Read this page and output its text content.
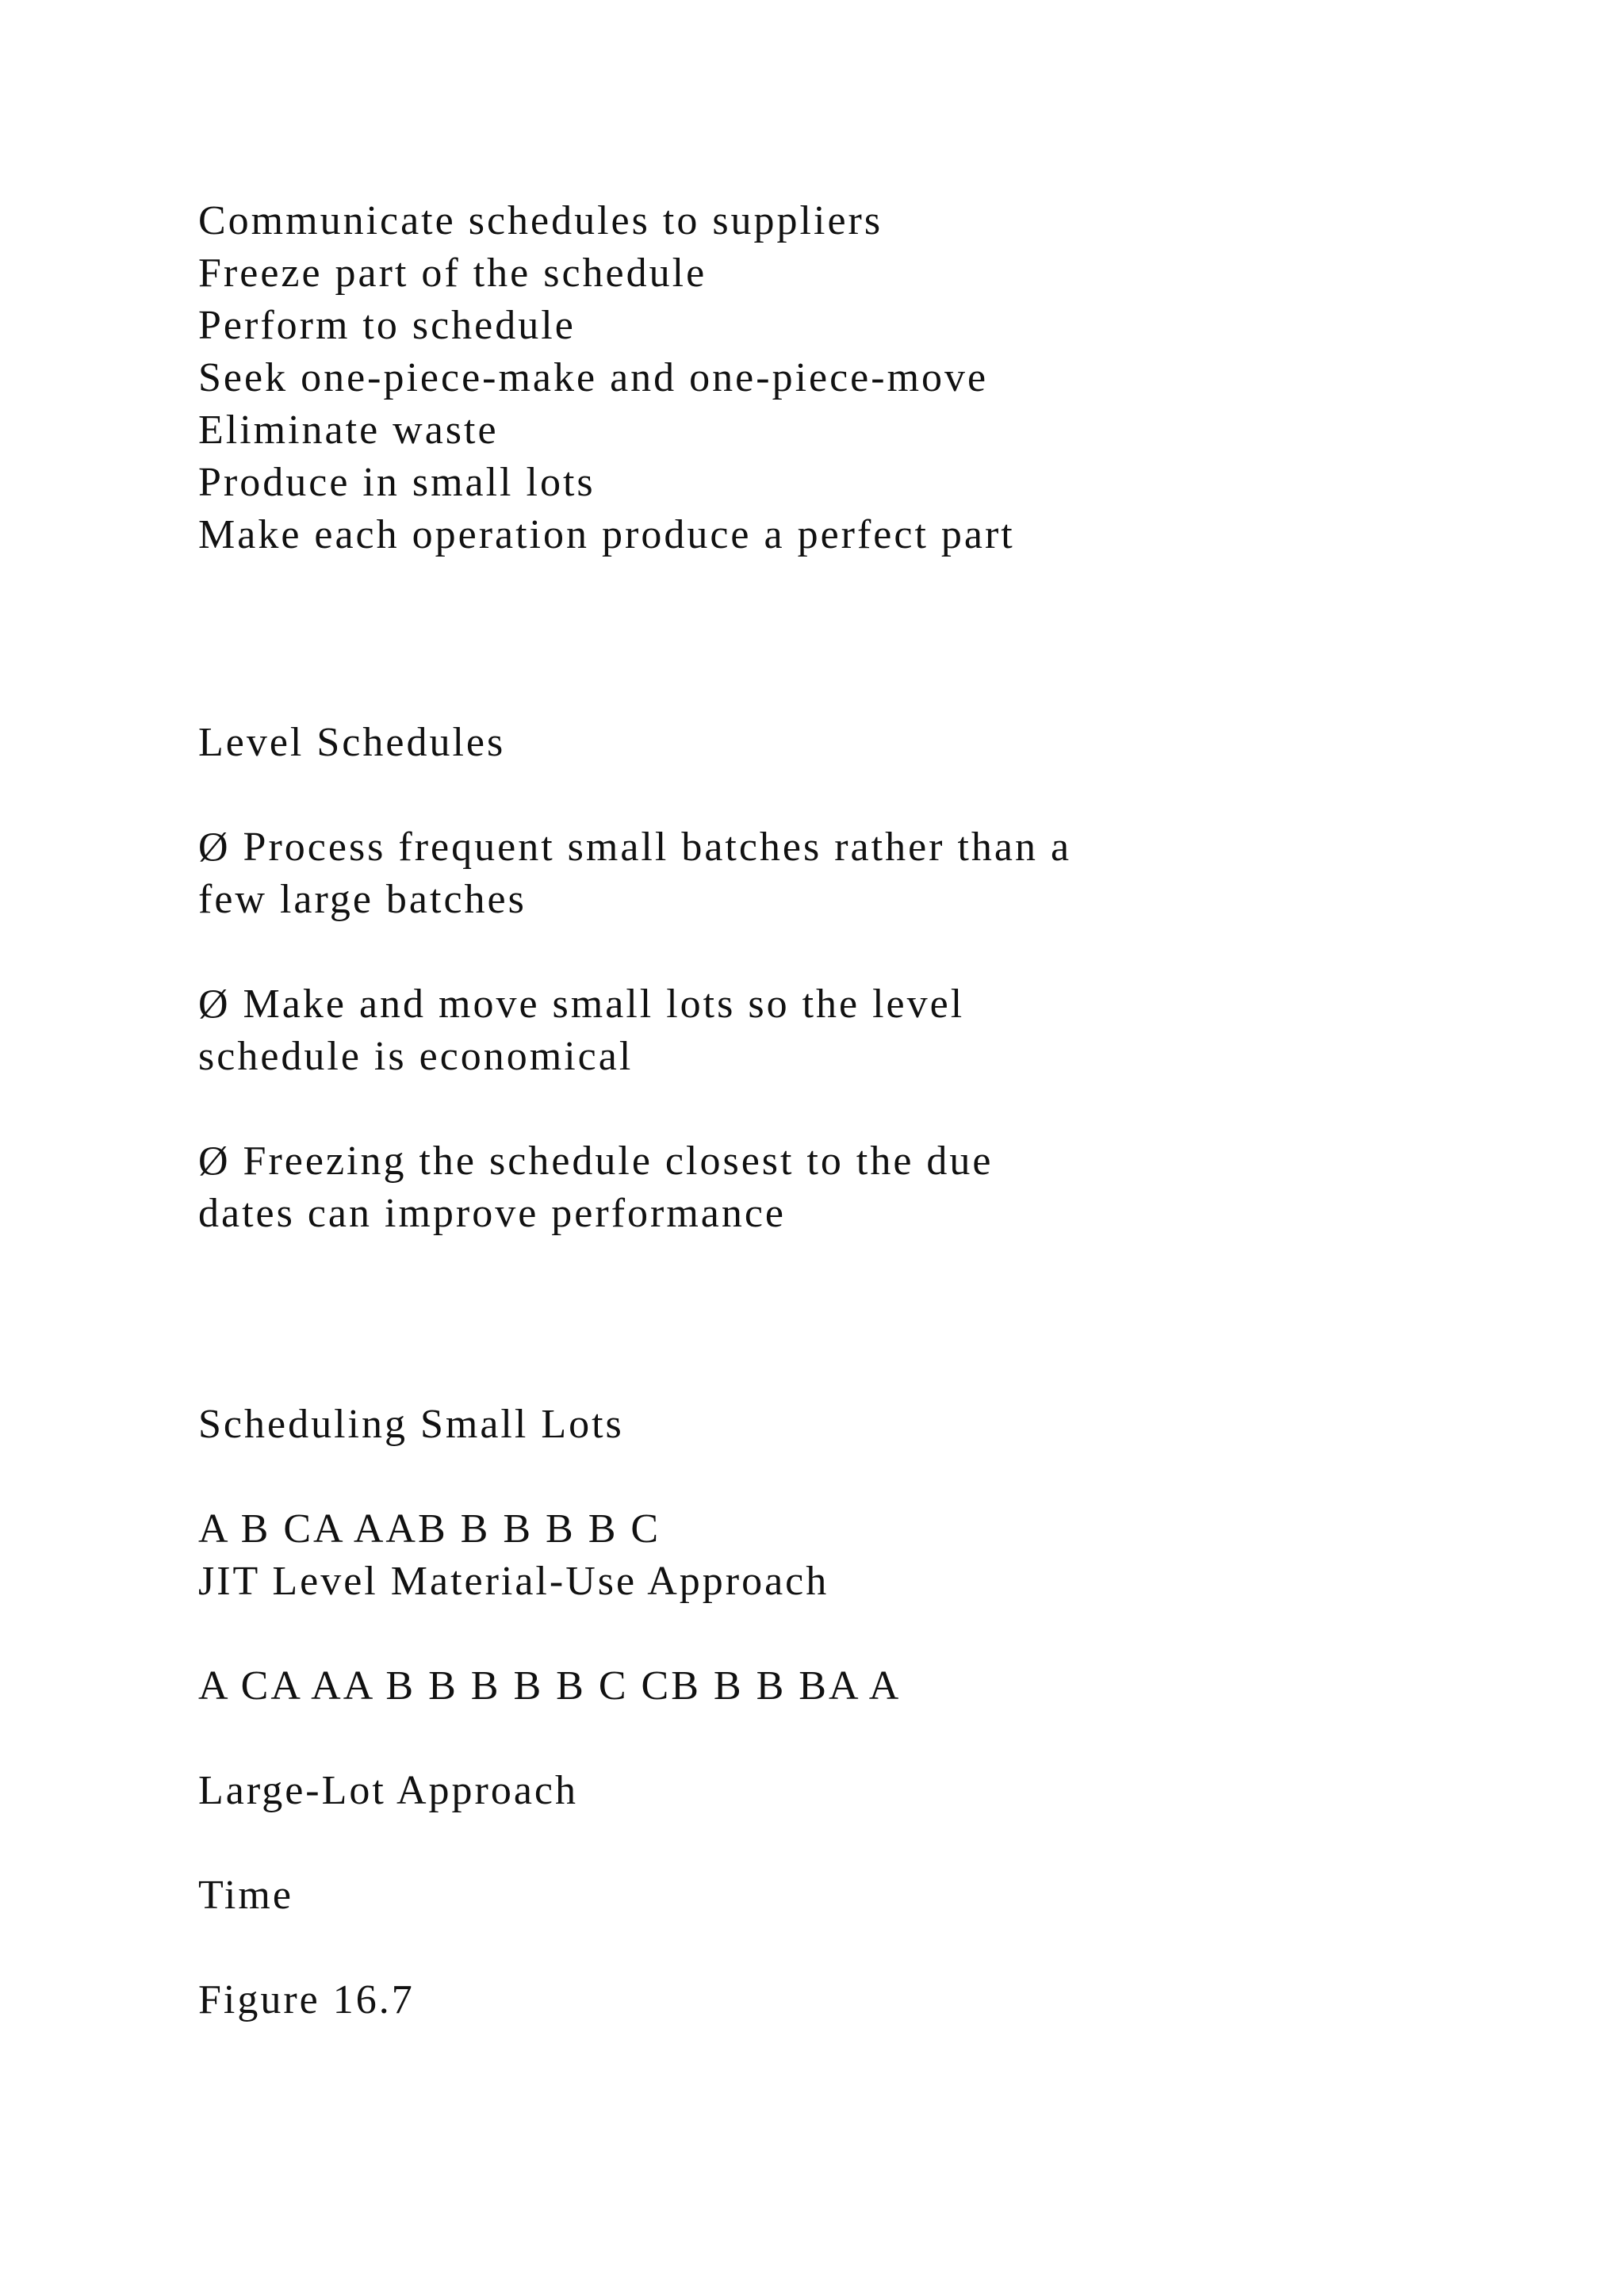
Communicate schedules to suppliers
Freeze part of the schedule
Perform to schedule
Seek one-piece-make and one-piece-move
Eliminate waste
Produce in small lots
Make each operation produce a perfect part
Level Schedules
Ø Process frequent small batches rather than a
few large batches
Ø Make and move small lots so the level
schedule is economical
Ø Freezing the schedule closest to the due
dates can improve performance
Scheduling Small Lots
A B CA AAB B B B B C
JIT Level Material-Use Approach
A CA AA B B B B B C CB B B BA A
Large-Lot Approach
Time
Figure 16.7
